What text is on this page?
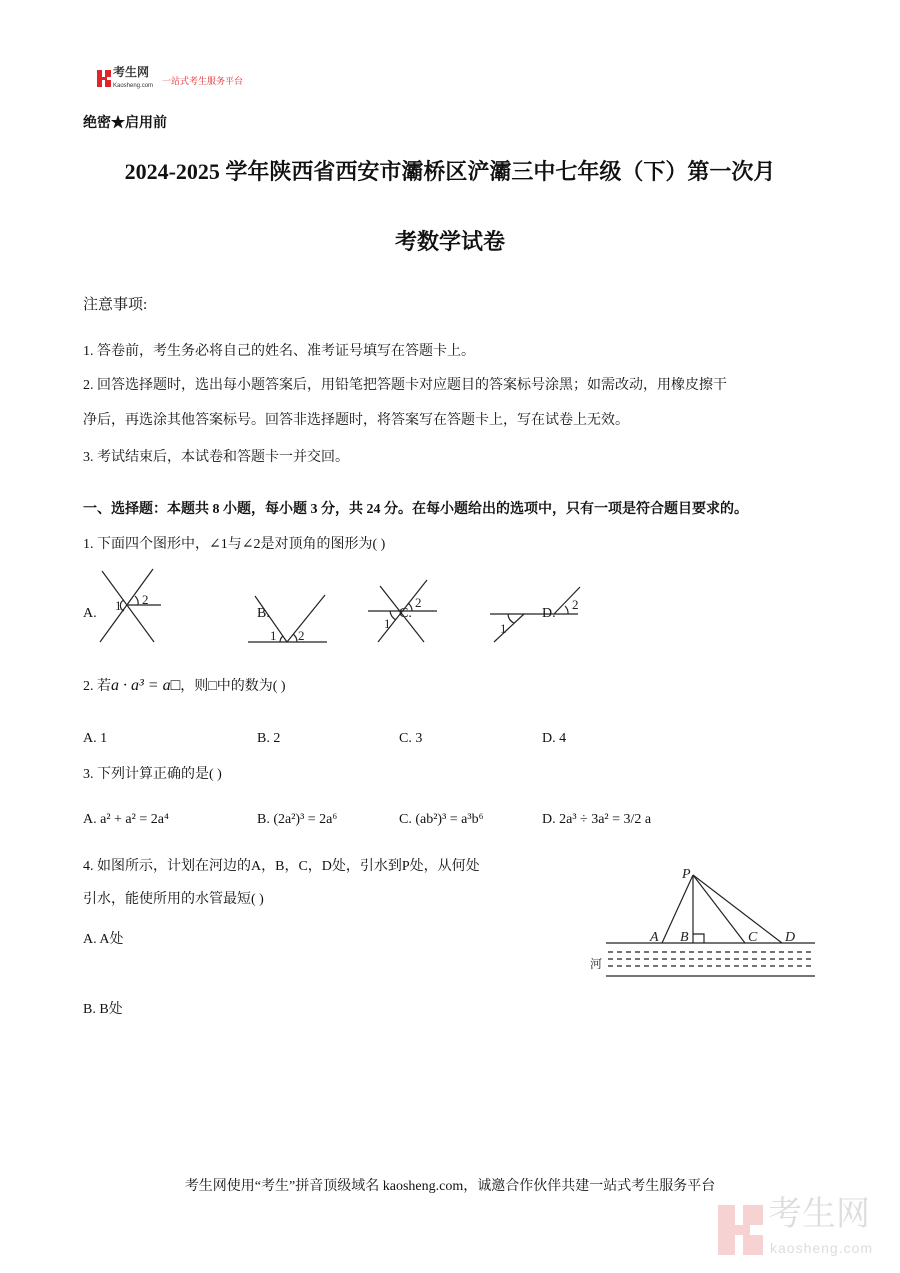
考生网
Kaosheng.com 一站式考生服务平台
绝密★启用前
2024-2025 学年陕西省西安市灞桥区浐灞三中七年级（下）第一次月
考数学试卷
注意事项:
1. 答卷前，考生务必将自己的姓名、准考证号填写在答题卡上。
2. 回答选择题时，选出每小题答案后，用铅笔把答题卡对应题目的答案标号涂黑；如需改动，用橡皮擦干
净后，再选涂其他答案标号。回答非选择题时，将答案写在答题卡上，写在试卷上无效。
3. 考试结束后，本试卷和答题卡一并交回。
一、选择题：本题共 8 小题，每小题 3 分，共 24 分。在每小题给出的选项中，只有一项是符合题目要求的。
1. 下面四个图形中，∠1与∠2是对顶角的图形为( )
A.	B.	C.	D.
1 2
1 2
1
2
1
2
2. 若a · a³ = a□，则□中的数为( )
A. 1	B. 2	C. 3	D. 4
3. 下列计算正确的是( )
A. a² + a² = 2a⁴	B. (2a²)³ = 2a⁶	C. (ab²)³ = a³b⁶	D. 2a³ ÷ 3a² = 3/2 a
4. 如图所示，计划在河边的A，B，C，D处，引水到P处，从何处
引水，能使所用的水管最短( )
A. A处
B. B处
P
A B	C D
河
考生网使用“考生”拼音顶级域名 kaosheng.com，诚邀合作伙伴共建一站式考生服务平台
考生网
kaosheng.com
